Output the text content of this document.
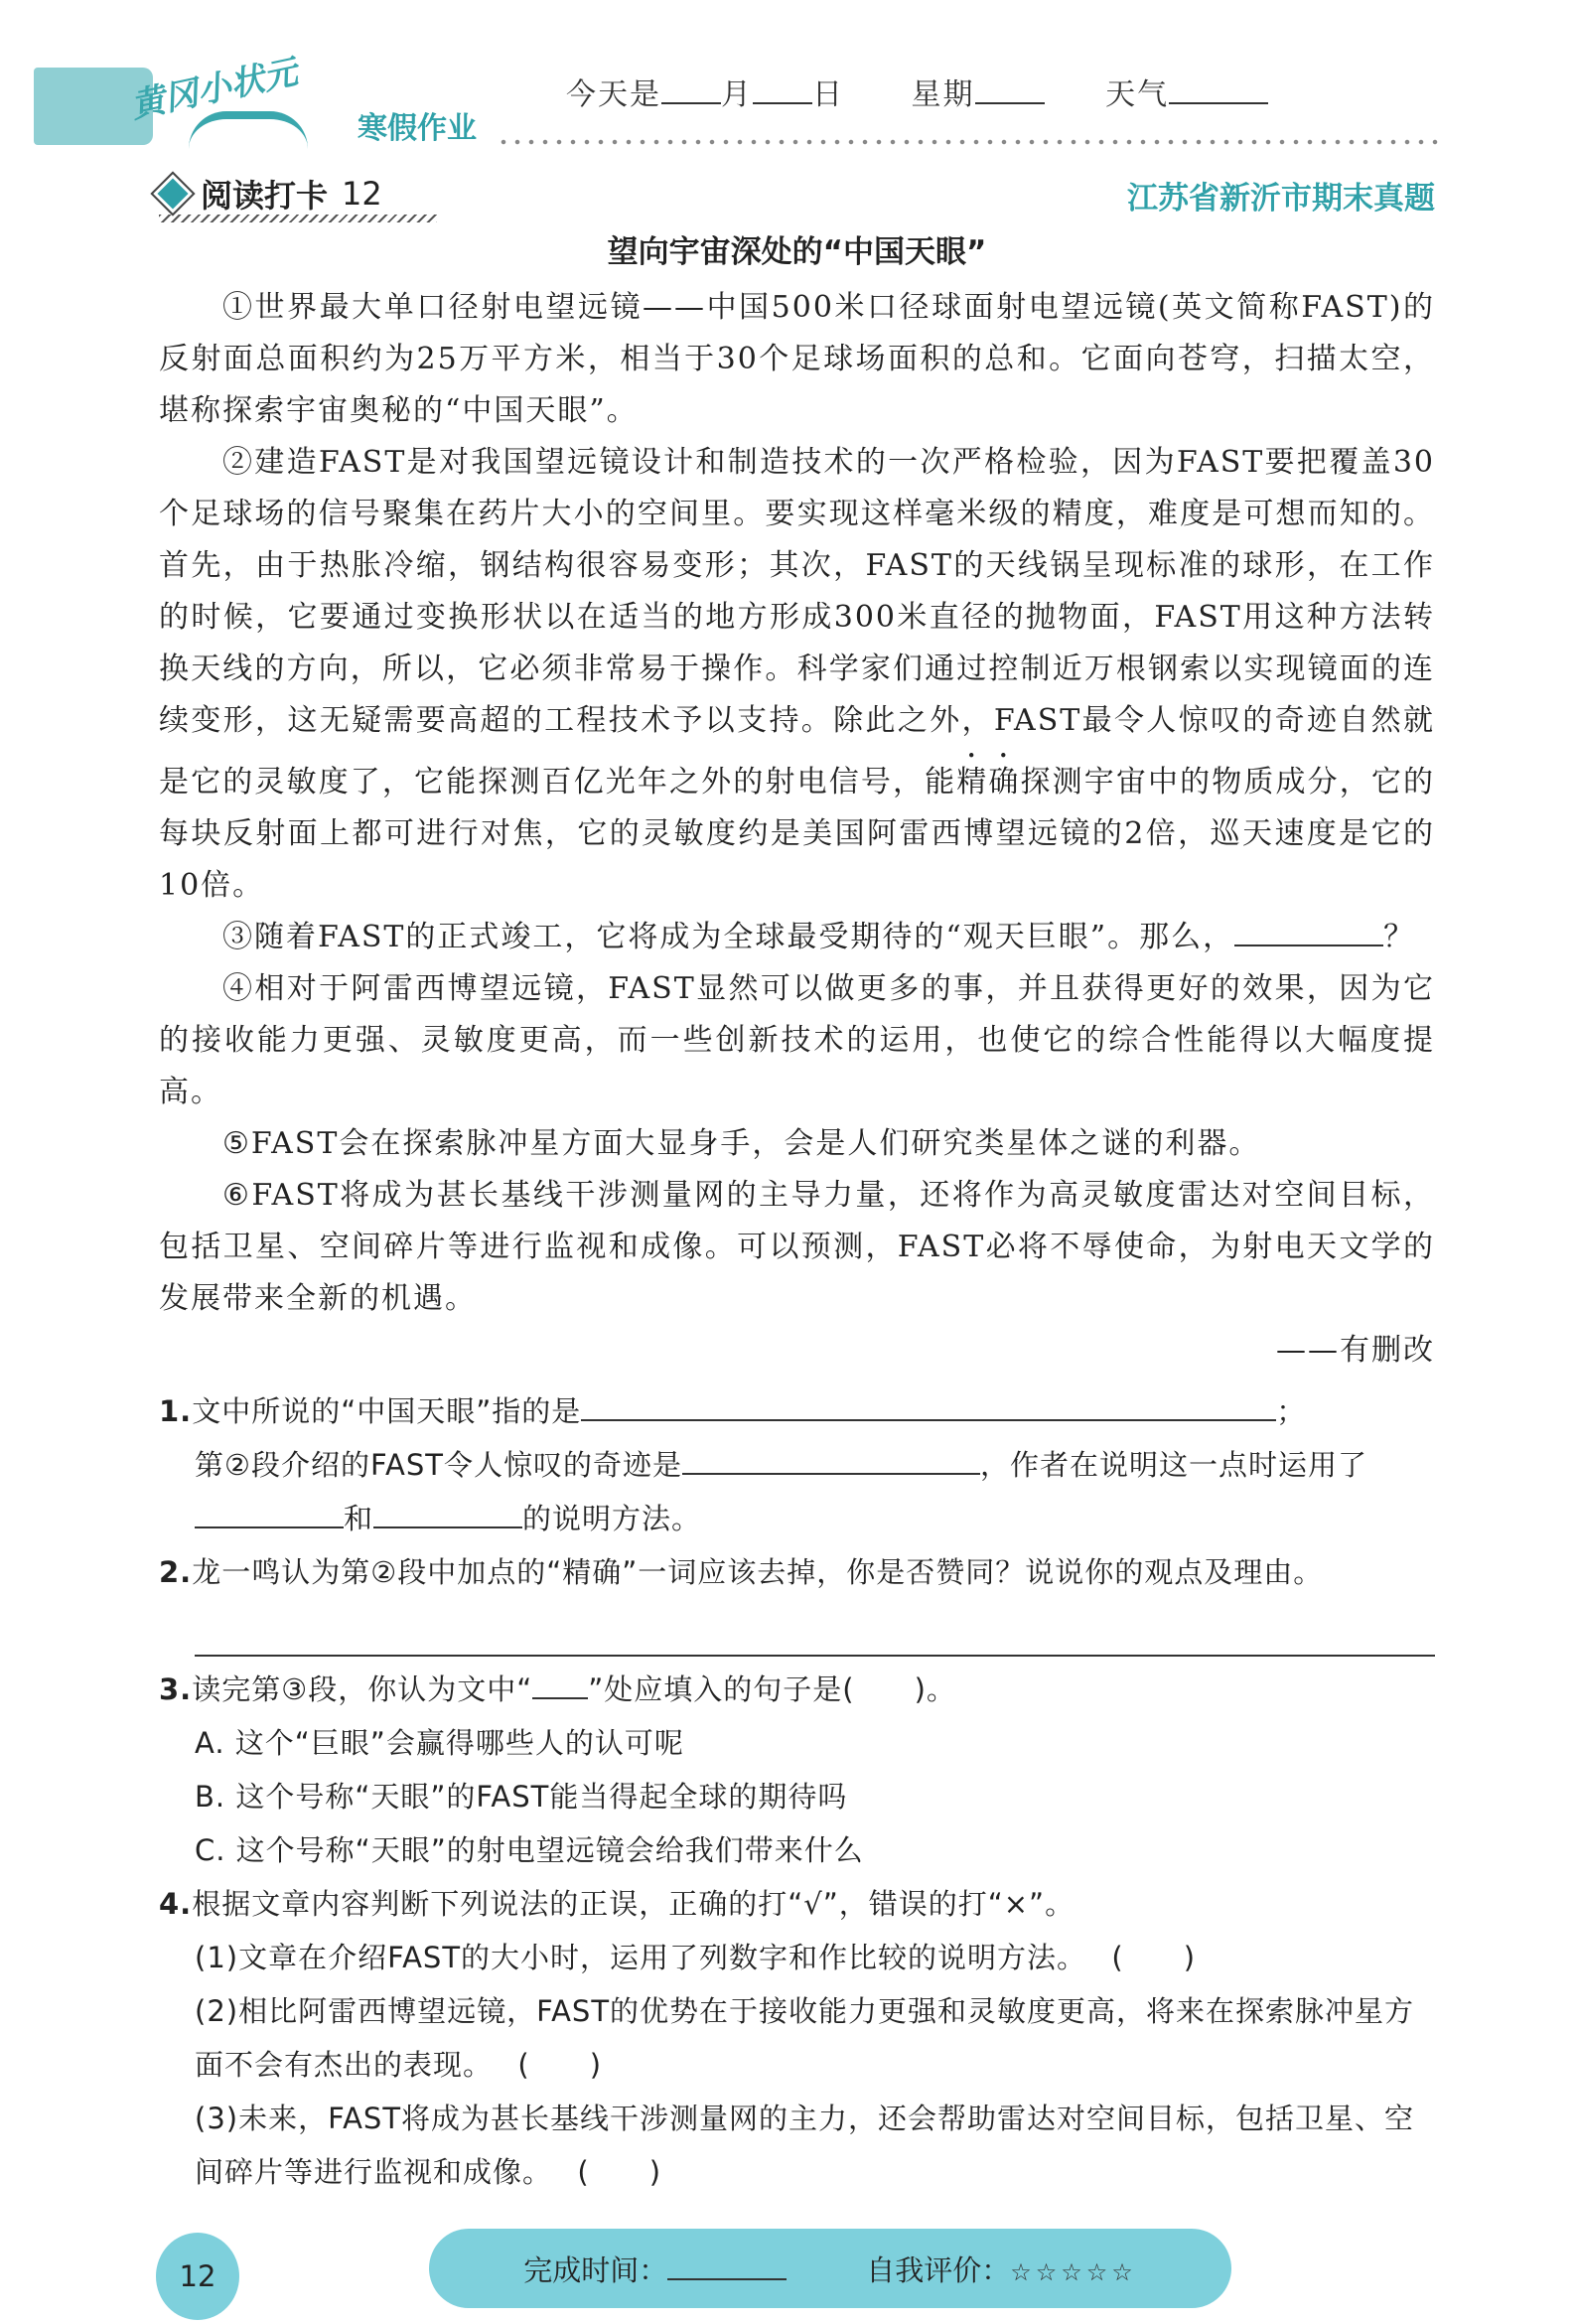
黄冈小状元
寒假作业
今天是 月 日 星期	天气
阅读打卡 12	江苏省新沂市期末真题
望向宇宙深处的“中国天眼”

①世界最大单口径射电望远镜——中国500米口径球面射电望远镜(英文简称FAST)的反射面总面积约为25万平方米，相当于30个足球场面积的总和。它面向苍穹，扫描太空，堪称探索宇宙奥秘的“中国天眼”。

②建造FAST是对我国望远镜设计和制造技术的一次严格检验，因为FAST要把覆盖30个足球场的信号聚集在药片大小的空间里。要实现这样毫米级的精度，难度是可想而知的。首先，由于热胀冷缩，钢结构很容易变形；其次，FAST的天线锅呈现标准的球形，在工作的时候，它要通过变换形状以在适当的地方形成300米直径的抛物面，FAST用这种方法转换天线的方向，所以，它必须非常易于操作。科学家们通过控制近万根钢索以实现镜面的连续变形，这无疑需要高超的工程技术予以支持。除此之外，FAST最令人惊叹的奇迹自然就是它的灵敏度了，它能探测百亿光年之外的射电信号，能精确探测宇宙中的物质成分，它的每块反射面上都可进行对焦，它的灵敏度约是美国阿雷西博望远镜的2倍，巡天速度是它的10倍。

③随着FAST的正式竣工，它将成为全球最受期待的“观天巨眼”。那么，	？

④相对于阿雷西博望远镜，FAST显然可以做更多的事，并且获得更好的效果，因为它的接收能力更强、灵敏度更高，而一些创新技术的运用，也使它的综合性能得以大幅度提高。

⑤FAST会在探索脉冲星方面大显身手，会是人们研究类星体之谜的利器。

⑥FAST将成为甚长基线干涉测量网的主导力量，还将作为高灵敏度雷达对空间目标，包括卫星、空间碎片等进行监视和成像。可以预测，FAST必将不辱使命，为射电天文学的发展带来全新的机遇。

——有删改
1.文中所说的“中国天眼”指的是	；
第②段介绍的FAST令人惊叹的奇迹是	，作者在说明这一点时运用了和	的说明方法。
2.龙一鸣认为第②段中加点的“精确”一词应该去掉，你是否赞同？说说你的观点及理由。
3.读完第③段，你认为文中“ ”处应填入的句子是(　　)。
A. 这个“巨眼”会赢得哪些人的认可呢
B. 这个号称“天眼”的FAST能当得起全球的期待吗
C. 这个号称“天眼”的射电望远镜会给我们带来什么
4.根据文章内容判断下列说法的正误，正确的打“√”，错误的打“×”。
(1)文章在介绍FAST的大小时，运用了列数字和作比较的说明方法。 (　　)
(2)相比阿雷西博望远镜，FAST的优势在于接收能力更强和灵敏度更高，将来在探索脉冲星方面不会有杰出的表现。 (　　)
(3)未来，FAST将成为甚长基线干涉测量网的主力，还会帮助雷达对空间目标，包括卫星、空间碎片等进行监视和成像。 (　　)
12	完成时间：	自我评价：☆☆☆☆☆
